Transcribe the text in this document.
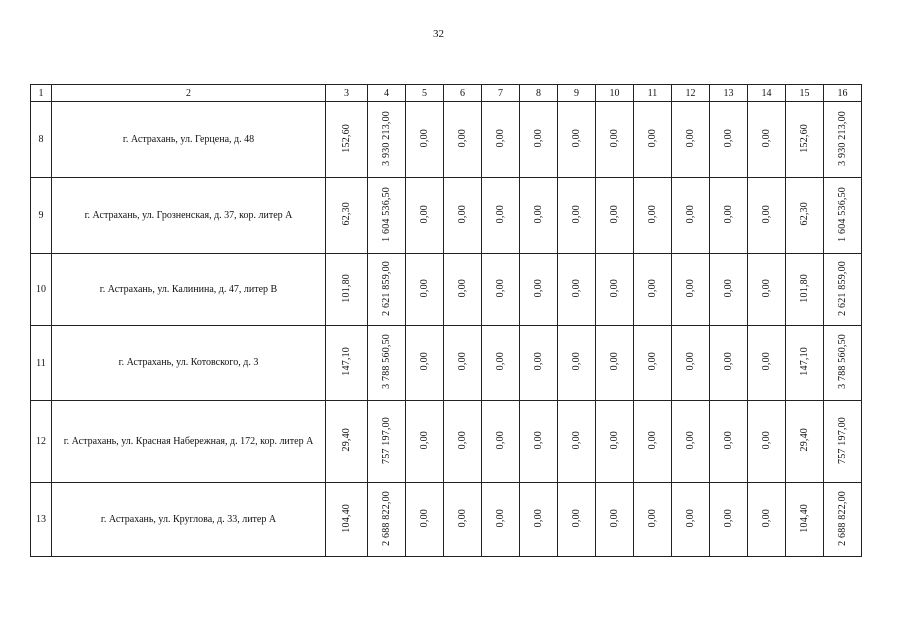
32
1	2	3	4	5	6	7	8	9	10	11	12	13	14	15	16
8	г. Астрахань, ул. Герцена, д. 48	152,60	3 930 213,00	0,00	0,00	0,00	0,00	0,00	0,00	0,00	0,00	0,00	0,00	152,60	3 930 213,00
9	г. Астрахань, ул. Грозненская, д. 37, кор. литер А	62,30	1 604 536,50	0,00	0,00	0,00	0,00	0,00	0,00	0,00	0,00	0,00	0,00	62,30	1 604 536,50
10	г. Астрахань, ул. Калинина, д. 47, литер В	101,80	2 621 859,00	0,00	0,00	0,00	0,00	0,00	0,00	0,00	0,00	0,00	0,00	101,80	2 621 859,00
11	г. Астрахань, ул. Котовского, д. 3	147,10	3 788 560,50	0,00	0,00	0,00	0,00	0,00	0,00	0,00	0,00	0,00	0,00	147,10	3 788 560,50
12	г. Астрахань, ул. Красная Набережная, д. 172, кор. литер А	29,40	757 197,00	0,00	0,00	0,00	0,00	0,00	0,00	0,00	0,00	0,00	0,00	29,40	757 197,00
13	г. Астрахань, ул. Круглова, д. 33, литер А	104,40	2 688 822,00	0,00	0,00	0,00	0,00	0,00	0,00	0,00	0,00	0,00	0,00	104,40	2 688 822,00
